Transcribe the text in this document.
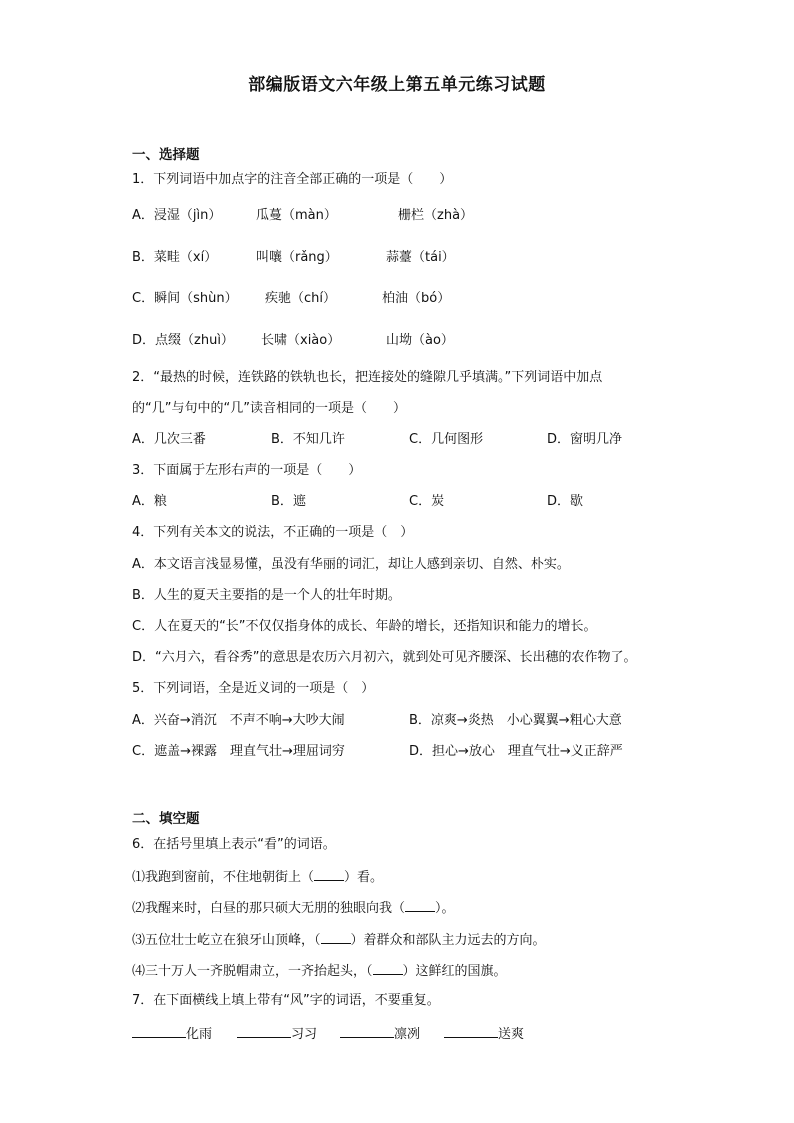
部编版语文六年级上第五单元练习试题
一、选择题
1．下列词语中加点字的注音全部正确的一项是（　　）
A．浸湿（jìn）	瓜蔓（màn）	栅栏（zhà）
B．菜畦（xí）	叫嚷（rǎng）	蒜薹（tái）
C．瞬间（shùn） 疾驰（chí）	柏油（bó）
D．点缀（zhuì） 长啸（xiào）	山坳（ào）
2．“最热的时候，连铁路的铁轨也长，把连接处的缝隙几乎填满。”下列词语中加点
的“几”与句中的“几”读音相同的一项是（　　）
A．几次三番	B．不知几许	C．几何图形	D．窗明几净
3．下面属于左形右声的一项是（　　）
A．粮	B．遮	C．炭	D．歇
4．下列有关本文的说法，不正确的一项是（　）
A．本文语言浅显易懂，虽没有华丽的词汇，却让人感到亲切、自然、朴实。
B．人生的夏天主要指的是一个人的壮年时期。
C．人在夏天的“长”不仅仅指身体的成长、年龄的增长，还指知识和能力的增长。
D．“六月六，看谷秀”的意思是农历六月初六，就到处可见齐腰深、长出穗的农作物了。
5．下列词语，全是近义词的一项是（　）
A．兴奋→消沉　不声不响→大吵大闹	B．凉爽→炎热　小心翼翼→粗心大意
C．遮盖→裸露　理直气壮→理屈词穷	D．担心→放心　理直气壮→义正辞严
二、填空题
6．在括号里填上表示“看”的词语。
⑴我跑到窗前，不住地朝街上（ ）看。
⑵我醒来时，白昼的那只硕大无朋的独眼向我（ ）。
⑶五位壮士屹立在狼牙山顶峰，（ ）着群众和部队主力远去的方向。
⑷三十万人一齐脱帽肃立，一齐抬起头，（ ）这鲜红的国旗。
7．在下面横线上填上带有“风”字的词语，不要重复。
化雨	习习	凛冽	送爽
